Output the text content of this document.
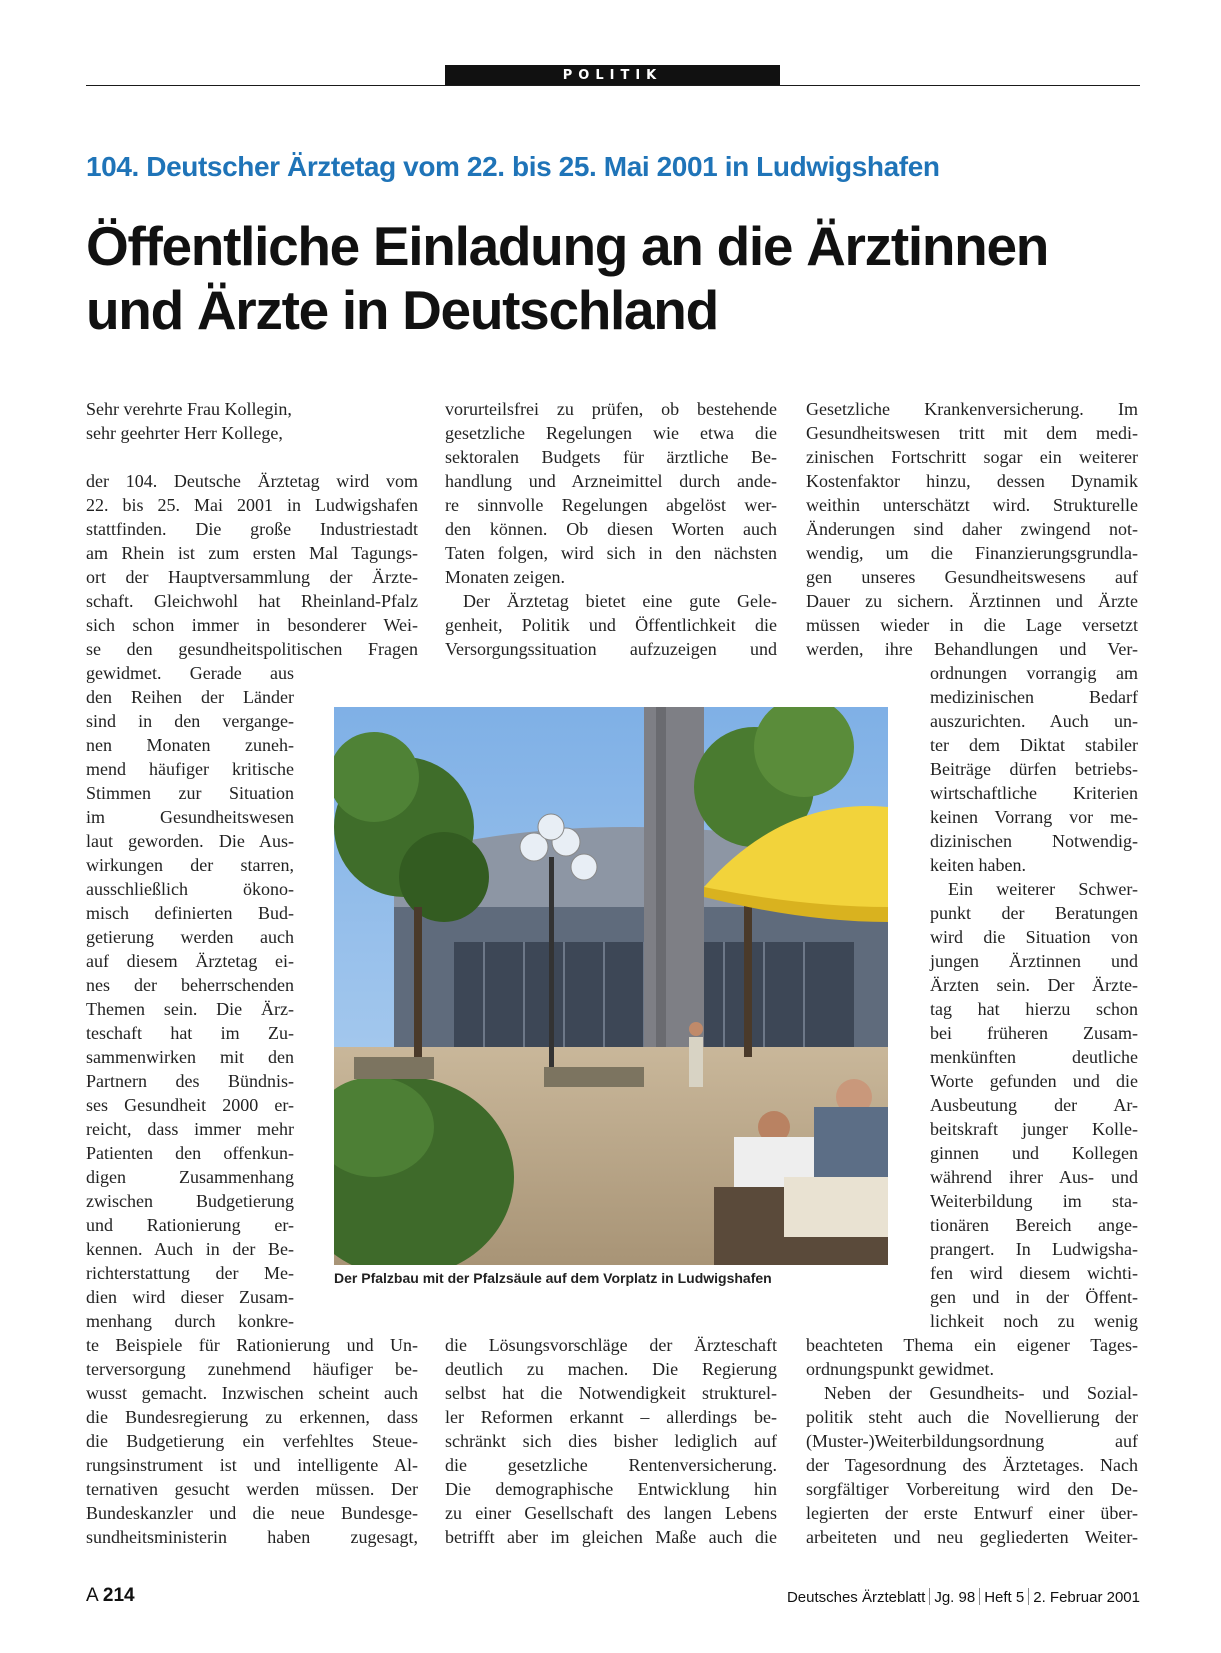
POLITIK
104. Deutscher Ärztetag vom 22. bis 25. Mai 2001 in Ludwigshafen
Öffentliche Einladung an die Ärztinnen
und Ärzte in Deutschland
Sehr verehrte Frau Kollegin,
sehr geehrter Herr Kollege,
der 104. Deutsche Ärztetag wird vom
22. bis 25. Mai 2001 in Ludwigshafen
stattfinden. Die große Industriestadt
am Rhein ist zum ersten Mal Tagungs-
ort der Hauptversammlung der Ärzte-
schaft. Gleichwohl hat Rheinland-Pfalz
sich schon immer in besonderer Wei-
se den gesundheitspolitischen Fragen
gewidmet. Gerade aus
den Reihen der Länder
sind in den vergange-
nen Monaten zuneh-
mend häufiger kritische
Stimmen zur Situation
im Gesundheitswesen
laut geworden. Die Aus-
wirkungen der starren,
ausschließlich ökono-
misch definierten Bud-
getierung werden auch
auf diesem Ärztetag ei-
nes der beherrschenden
Themen sein. Die Ärz-
teschaft hat im Zu-
sammenwirken mit den
Partnern des Bündnis-
ses Gesundheit 2000 er-
reicht, dass immer mehr
Patienten den offenkun-
digen Zusammenhang
zwischen Budgetierung
und Rationierung er-
kennen. Auch in der Be-
richterstattung der Me-
dien wird dieser Zusam-
menhang durch konkre-
te Beispiele für Rationierung und Un-
terversorgung zunehmend häufiger be-
wusst gemacht. Inzwischen scheint auch
die Bundesregierung zu erkennen, dass
die Budgetierung ein verfehltes Steue-
rungsinstrument ist und intelligente Al-
ternativen gesucht werden müssen. Der
Bundeskanzler und die neue Bundesge-
sundheitsministerin haben zugesagt,
vorurteilsfrei zu prüfen, ob bestehende
gesetzliche Regelungen wie etwa die
sektoralen Budgets für ärztliche Be-
handlung und Arzneimittel durch ande-
re sinnvolle Regelungen abgelöst wer-
den können. Ob diesen Worten auch
Taten folgen, wird sich in den nächsten
Monaten zeigen.
Der Ärztetag bietet eine gute Gele-
genheit, Politik und Öffentlichkeit die
Versorgungssituation aufzuzeigen und
die Lösungsvorschläge der Ärzteschaft
deutlich zu machen. Die Regierung
selbst hat die Notwendigkeit strukturel-
ler Reformen erkannt – allerdings be-
schränkt sich dies bisher lediglich auf
die gesetzliche Rentenversicherung.
Die demographische Entwicklung hin
zu einer Gesellschaft des langen Lebens
betrifft aber im gleichen Maße auch die
Gesetzliche Krankenversicherung. Im
Gesundheitswesen tritt mit dem medi-
zinischen Fortschritt sogar ein weiterer
Kostenfaktor hinzu, dessen Dynamik
weithin unterschätzt wird. Strukturelle
Änderungen sind daher zwingend not-
wendig, um die Finanzierungsgrundla-
gen unseres Gesundheitswesens auf
Dauer zu sichern. Ärztinnen und Ärzte
müssen wieder in die Lage versetzt
werden, ihre Behandlungen und Ver-
ordnungen vorrangig am
medizinischen Bedarf
auszurichten. Auch un-
ter dem Diktat stabiler
Beiträge dürfen betriebs-
wirtschaftliche Kriterien
keinen Vorrang vor me-
dizinischen Notwendig-
keiten haben.
Ein weiterer Schwer-
punkt der Beratungen
wird die Situation von
jungen Ärztinnen und
Ärzten sein. Der Ärzte-
tag hat hierzu schon
bei früheren Zusam-
menkünften deutliche
Worte gefunden und die
Ausbeutung der Ar-
beitskraft junger Kolle-
ginnen und Kollegen
während ihrer Aus- und
Weiterbildung im sta-
tionären Bereich ange-
prangert. In Ludwigsha-
fen wird diesem wichti-
gen und in der Öffent-
lichkeit noch zu wenig
beachteten Thema ein eigener Tages-
ordnungspunkt gewidmet.
Neben der Gesundheits- und Sozial-
politik steht auch die Novellierung der
(Muster-)Weiterbildungsordnung auf
der Tagesordnung des Ärztetages. Nach
sorgfältiger Vorbereitung wird den De-
legierten der erste Entwurf einer über-
arbeiteten und neu gegliederten Weiter-
Der Pfalzbau mit der Pfalzsäule auf dem Vorplatz in Ludwigshafen
A 214	Deutsches Ärzteblatt Jg. 98 Heft 5 2. Februar 2001
